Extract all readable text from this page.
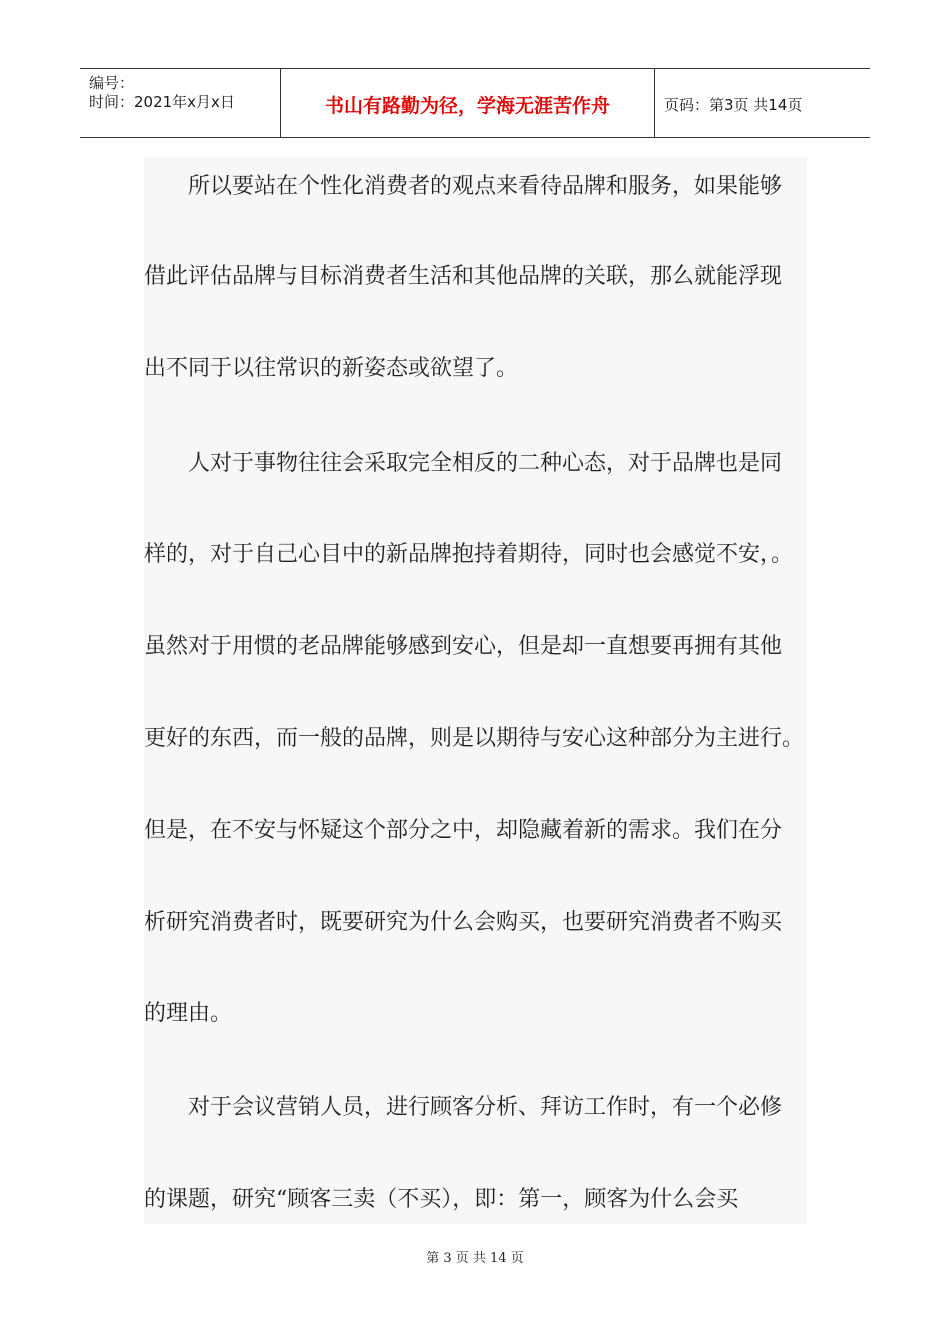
编号：
时间：2021年x月x日	书山有路勤为径，学海无涯苦作舟	页码：第3页 共14页
所以要站在个性化消费者的观点来看待品牌和服务，如果能够
借此评估品牌与目标消费者生活和其他品牌的关联，那么就能浮现
出不同于以往常识的新姿态或欲望了。
人对于事物往往会采取完全相反的二种心态，对于品牌也是同
样的，对于自己心目中的新品牌抱持着期待，同时也会感觉不安，。
虽然对于用惯的老品牌能够感到安心，但是却一直想要再拥有其他
更好的东西，而一般的品牌，则是以期待与安心这种部分为主进行。
但是，在不安与怀疑这个部分之中，却隐藏着新的需求。我们在分
析研究消费者时，既要研究为什么会购买，也要研究消费者不购买
的理由。
对于会议营销人员，进行顾客分析、拜访工作时，有一个必修
的课题，研究“顾客三卖（不买），即：第一，顾客为什么会买
第 3 页 共 14 页
